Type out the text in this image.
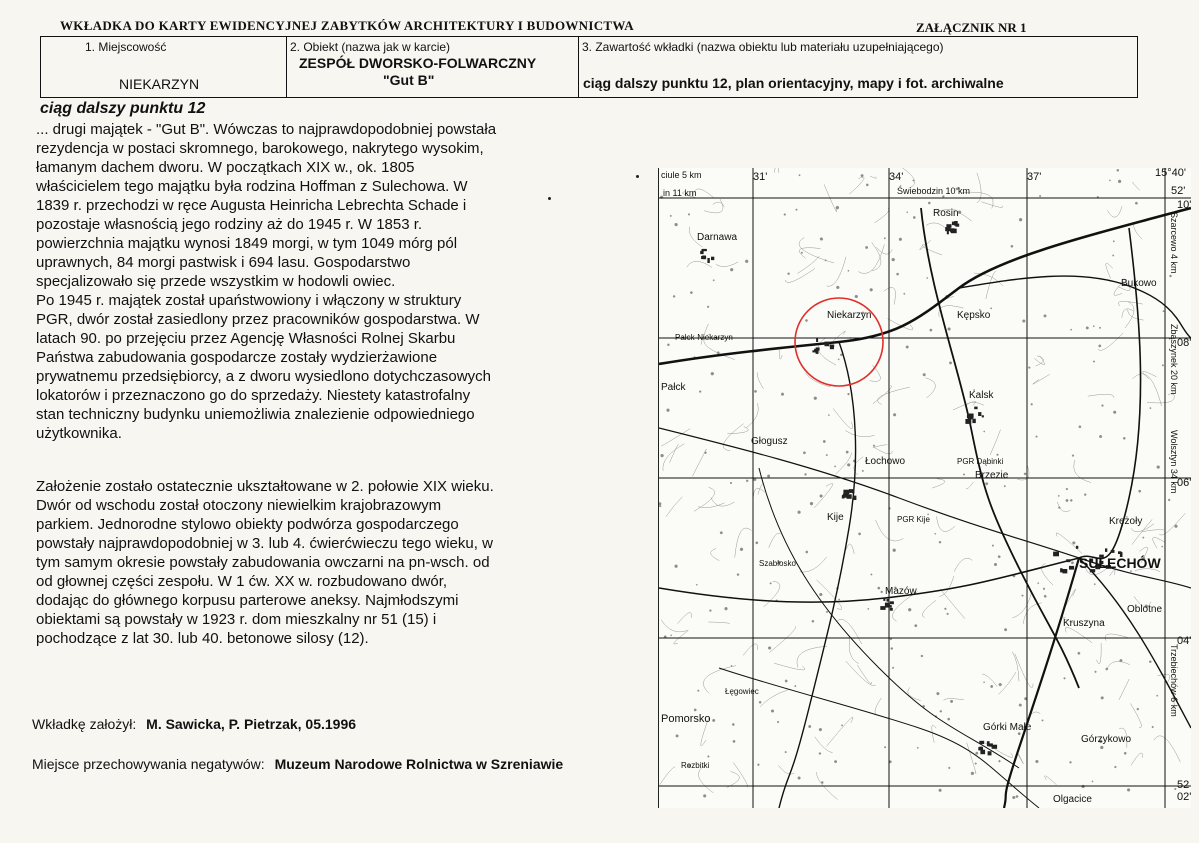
WKŁADKA DO KARTY EWIDENCYJNEJ ZABYTKÓW ARCHITEKTURY I BUDOWNICTWA	ZAŁĄCZNIK NR 1
1. Miejscowość
NIEKARZYN
2. Obiekt (nazwa jak w karcie)
ZESPÓŁ DWORSKO-FOLWARCZNY
"Gut B"
3. Zawartość wkładki (nazwa obiektu lub materiału uzupełniającego)
ciąg dalszy punktu 12, plan orientacyjny, mapy i fot. archiwalne
ciąg dalszy punktu 12

... drugi majątek - "Gut B". Wówczas to najprawdopodobniej powstała
rezydencja w postaci skromnego, barokowego, nakrytego wysokim,
łamanym dachem dworu. W początkach XIX w., ok. 1805
właścicielem tego majątku była rodzina Hoffman z Sulechowa. W
1839 r. przechodzi w ręce Augusta Heinricha Lebrechta Schade i
pozostaje własnością jego rodziny aż do 1945 r. W 1853 r.
powierzchnia majątku wynosi 1849 morgi, w tym 1049 mórg pól
uprawnych, 84 morgi pastwisk i 694 lasu. Gospodarstwo
specjalizowało się przede wszystkim w hodowli owiec.
Po 1945 r. majątek został upaństwowiony i włączony w struktury
PGR, dwór został zasiedlony przez pracowników gospodarstwa. W
latach 90. po przejęciu przez Agencję Własności Rolnej Skarbu
Państwa zabudowania gospodarcze zostały wydzierżawione
prywatnemu przedsiębiorcy, a z dworu wysiedlono dotychczasowych
lokatorów i przeznaczono go do sprzedaży. Niestety katastrofalny
stan techniczny budynku uniemożliwia znalezienie odpowiedniego
użytkownika.

Założenie zostało ostatecznie ukształtowane w 2. połowie XIX wieku.
Dwór od wschodu został otoczony niewielkim krajobrazowym
parkiem. Jednorodne stylowo obiekty podwórza gospodarczego
powstały najprawdopodobniej w 3. lub 4. ćwierćwieczu tego wieku, w
tym samym okresie powstały zabudowania owczarni na pn-wsch. od
od głownej części zespołu. W 1 ćw. XX w. rozbudowano dwór,
dodając do głównego korpusu parterowe aneksy. Najmłodszymi
obiektami są powstały w 1923 r. dom mieszkalny nr 51 (15) i
pochodzące z lat 30. lub 40. betonowe silosy (12).

Wkładkę założył: M. Sawicka, P. Pietrzak, 05.1996
Miejsce przechowywania negatywów: Muzeum Narodowe Rolnictwa w Szreniawie
ciule 5 km
in 11 km	Świebodzin 10 km
31'	34'	37'	15°40'
52'
10'
08'
06'
04'
02'
52
Szarcewo 4 km
Zbąszynek 20 km
Wolsztyn 34 km
Trzebiechów 6 km
Rosin
Darnawa
Niekarzyn	Kępsko
Bukowo
Pałck-Niekarzyn
Pałck
Kalsk
Głogusz
Łochowo	PGR Dąbinki
Brzezie
Kije	PGR Kije	Krężoły
SULECHÓW
Szabłosko
Mazów
Kruszyna
Oblotne
Pomorsko
Łęgowiec
Górki Małe
Górzykowo
Olgacice
Rozbitki
